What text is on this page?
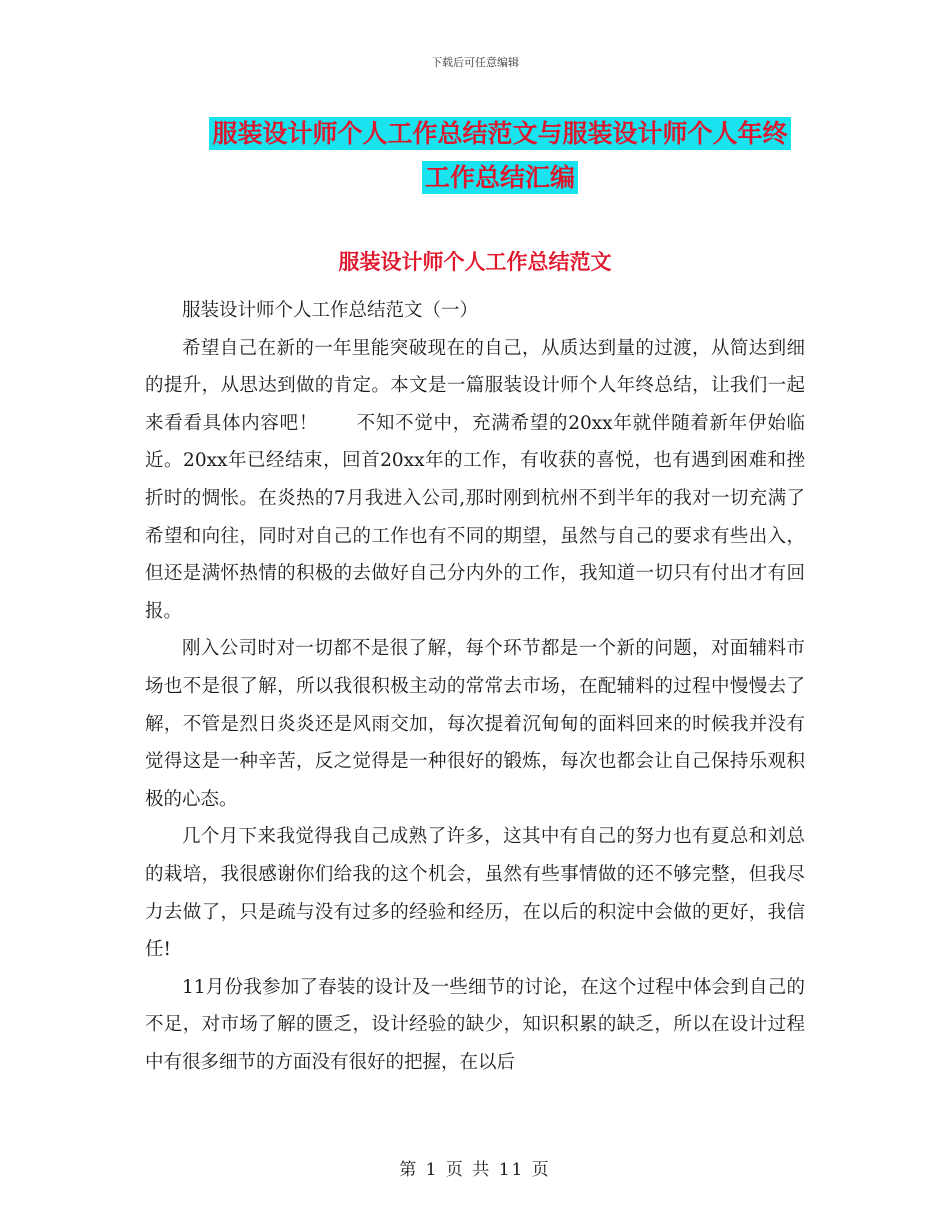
下载后可任意编辑
服装设计师个人工作总结范文与服装设计师个人年终
工作总结汇编
服装设计师个人工作总结范文

服装设计师个人工作总结范文（一）

希望自己在新的一年里能突破现在的自己，从质达到量的过渡，从简达到细的提升，从思达到做的肯定。本文是一篇服装设计师个人年终总结，让我们一起来看看具体内容吧！　　不知不觉中，充满希望的20xx年就伴随着新年伊始临近。20xx年已经结束，回首20xx年的工作，有收获的喜悦，也有遇到困难和挫折时的惆怅。在炎热的7月我进入公司,那时刚到杭州不到半年的我对一切充满了希望和向往，同时对自己的工作也有不同的期望，虽然与自己的要求有些出入，但还是满怀热情的积极的去做好自己分内外的工作，我知道一切只有付出才有回报。

刚入公司时对一切都不是很了解，每个环节都是一个新的问题，对面辅料市场也不是很了解，所以我很积极主动的常常去市场，在配辅料的过程中慢慢去了解，不管是烈日炎炎还是风雨交加，每次提着沉甸甸的面料回来的时候我并没有觉得这是一种辛苦，反之觉得是一种很好的锻炼，每次也都会让自己保持乐观积极的心态。

几个月下来我觉得我自己成熟了许多，这其中有自己的努力也有夏总和刘总的栽培，我很感谢你们给我的这个机会，虽然有些事情做的还不够完整，但我尽力去做了，只是疏与没有过多的经验和经历，在以后的积淀中会做的更好，我信任!

11月份我参加了春装的设计及一些细节的讨论，在这个过程中体会到自己的不足，对市场了解的匮乏，设计经验的缺少，知识积累的缺乏，所以在设计过程中有很多细节的方面没有很好的把握，在以后

第 1 页 共 11 页
